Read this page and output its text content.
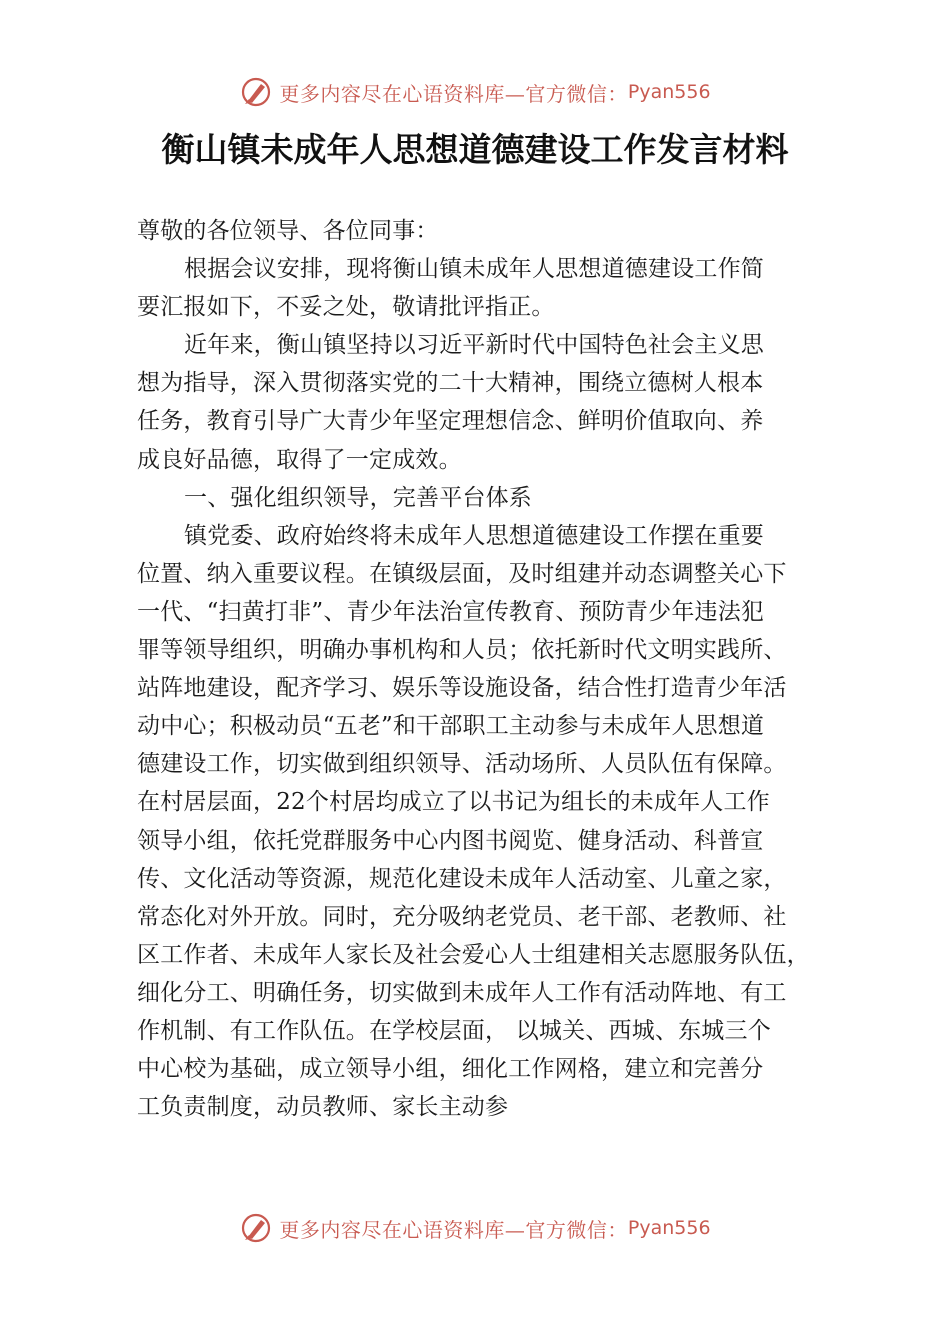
更多内容尽在心语资料库—官方微信： Pyan556
衡山镇未成年人思想道德建设工作发言材料
尊敬的各位领导、各位同事：
根据会议安排，现将衡山镇未成年人思想道德建设工作简
要汇报如下，不妥之处，敬请批评指正。
近年来，衡山镇坚持以习近平新时代中国特色社会主义思
想为指导，深入贯彻落实党的二十大精神，围绕立德树人根本
任务，教育引导广大青少年坚定理想信念、鲜明价值取向、养
成良好品德，取得了一定成效。
一、强化组织领导，完善平台体系
镇党委、政府始终将未成年人思想道德建设工作摆在重要
位置、纳入重要议程。在镇级层面，及时组建并动态调整关心下
一代、“扫黄打非”、青少年法治宣传教育、预防青少年违法犯
罪等领导组织，明确办事机构和人员；依托新时代文明实践所、
站阵地建设，配齐学习、娱乐等设施设备，结合性打造青少年活
动中心；积极动员“五老”和干部职工主动参与未成年人思想道
德建设工作，切实做到组织领导、活动场所、人员队伍有保障。
在村居层面，22个村居均成立了以书记为组长的未成年人工作
领导小组，依托党群服务中心内图书阅览、健身活动、科普宣
传、文化活动等资源，规范化建设未成年人活动室、儿童之家，
常态化对外开放。同时，充分吸纳老党员、老干部、老教师、社
区工作者、未成年人家长及社会爱心人士组建相关志愿服务队伍，
细化分工、明确任务，切实做到未成年人工作有活动阵地、有工
作机制、有工作队伍。在学校层面， 以城关、西城、东城三个
中心校为基础，成立领导小组，细化工作网格，建立和完善分
工负责制度，动员教师、家长主动参
更多内容尽在心语资料库—官方微信： Pyan556
